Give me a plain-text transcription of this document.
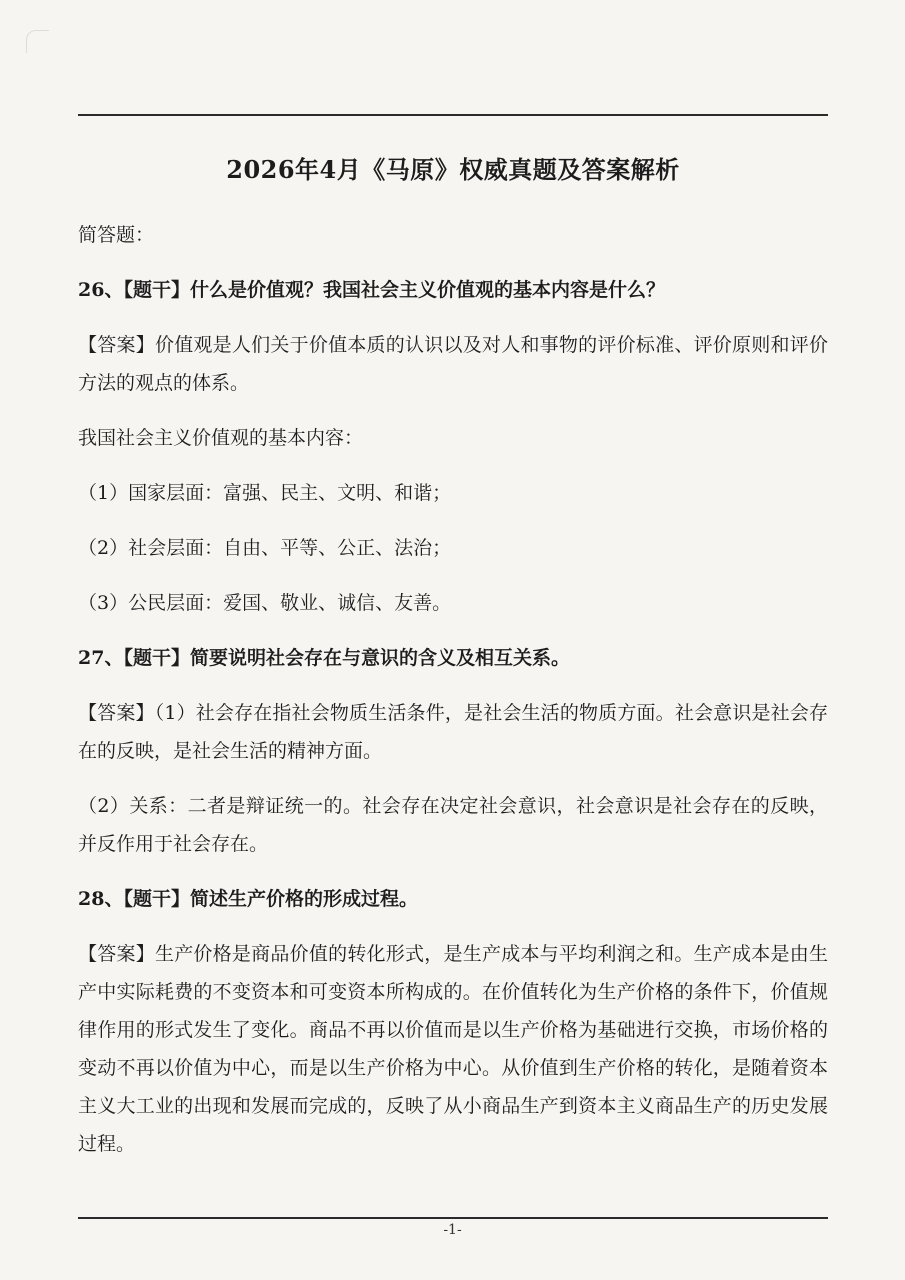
2026年4月《马原》权威真题及答案解析

简答题：

26、【题干】什么是价值观？我国社会主义价值观的基本内容是什么？

【答案】价值观是人们关于价值本质的认识以及对人和事物的评价标准、评价原则和评价方法的观点的体系。

我国社会主义价值观的基本内容：

（1）国家层面：富强、民主、文明、和谐；

（2）社会层面：自由、平等、公正、法治；

（3）公民层面：爱国、敬业、诚信、友善。

27、【题干】简要说明社会存在与意识的含义及相互关系。

【答案】（1）社会存在指社会物质生活条件，是社会生活的物质方面。社会意识是社会存在的反映，是社会生活的精神方面。

（2）关系：二者是辩证统一的。社会存在决定社会意识，社会意识是社会存在的反映，并反作用于社会存在。

28、【题干】简述生产价格的形成过程。

【答案】生产价格是商品价值的转化形式，是生产成本与平均利润之和。生产成本是由生产中实际耗费的不变资本和可变资本所构成的。在价值转化为生产价格的条件下，价值规律作用的形式发生了变化。商品不再以价值而是以生产价格为基础进行交换，市场价格的变动不再以价值为中心，而是以生产价格为中心。从价值到生产价格的转化，是随着资本主义大工业的出现和发展而完成的，反映了从小商品生产到资本主义商品生产的历史发展过程。

-1-
